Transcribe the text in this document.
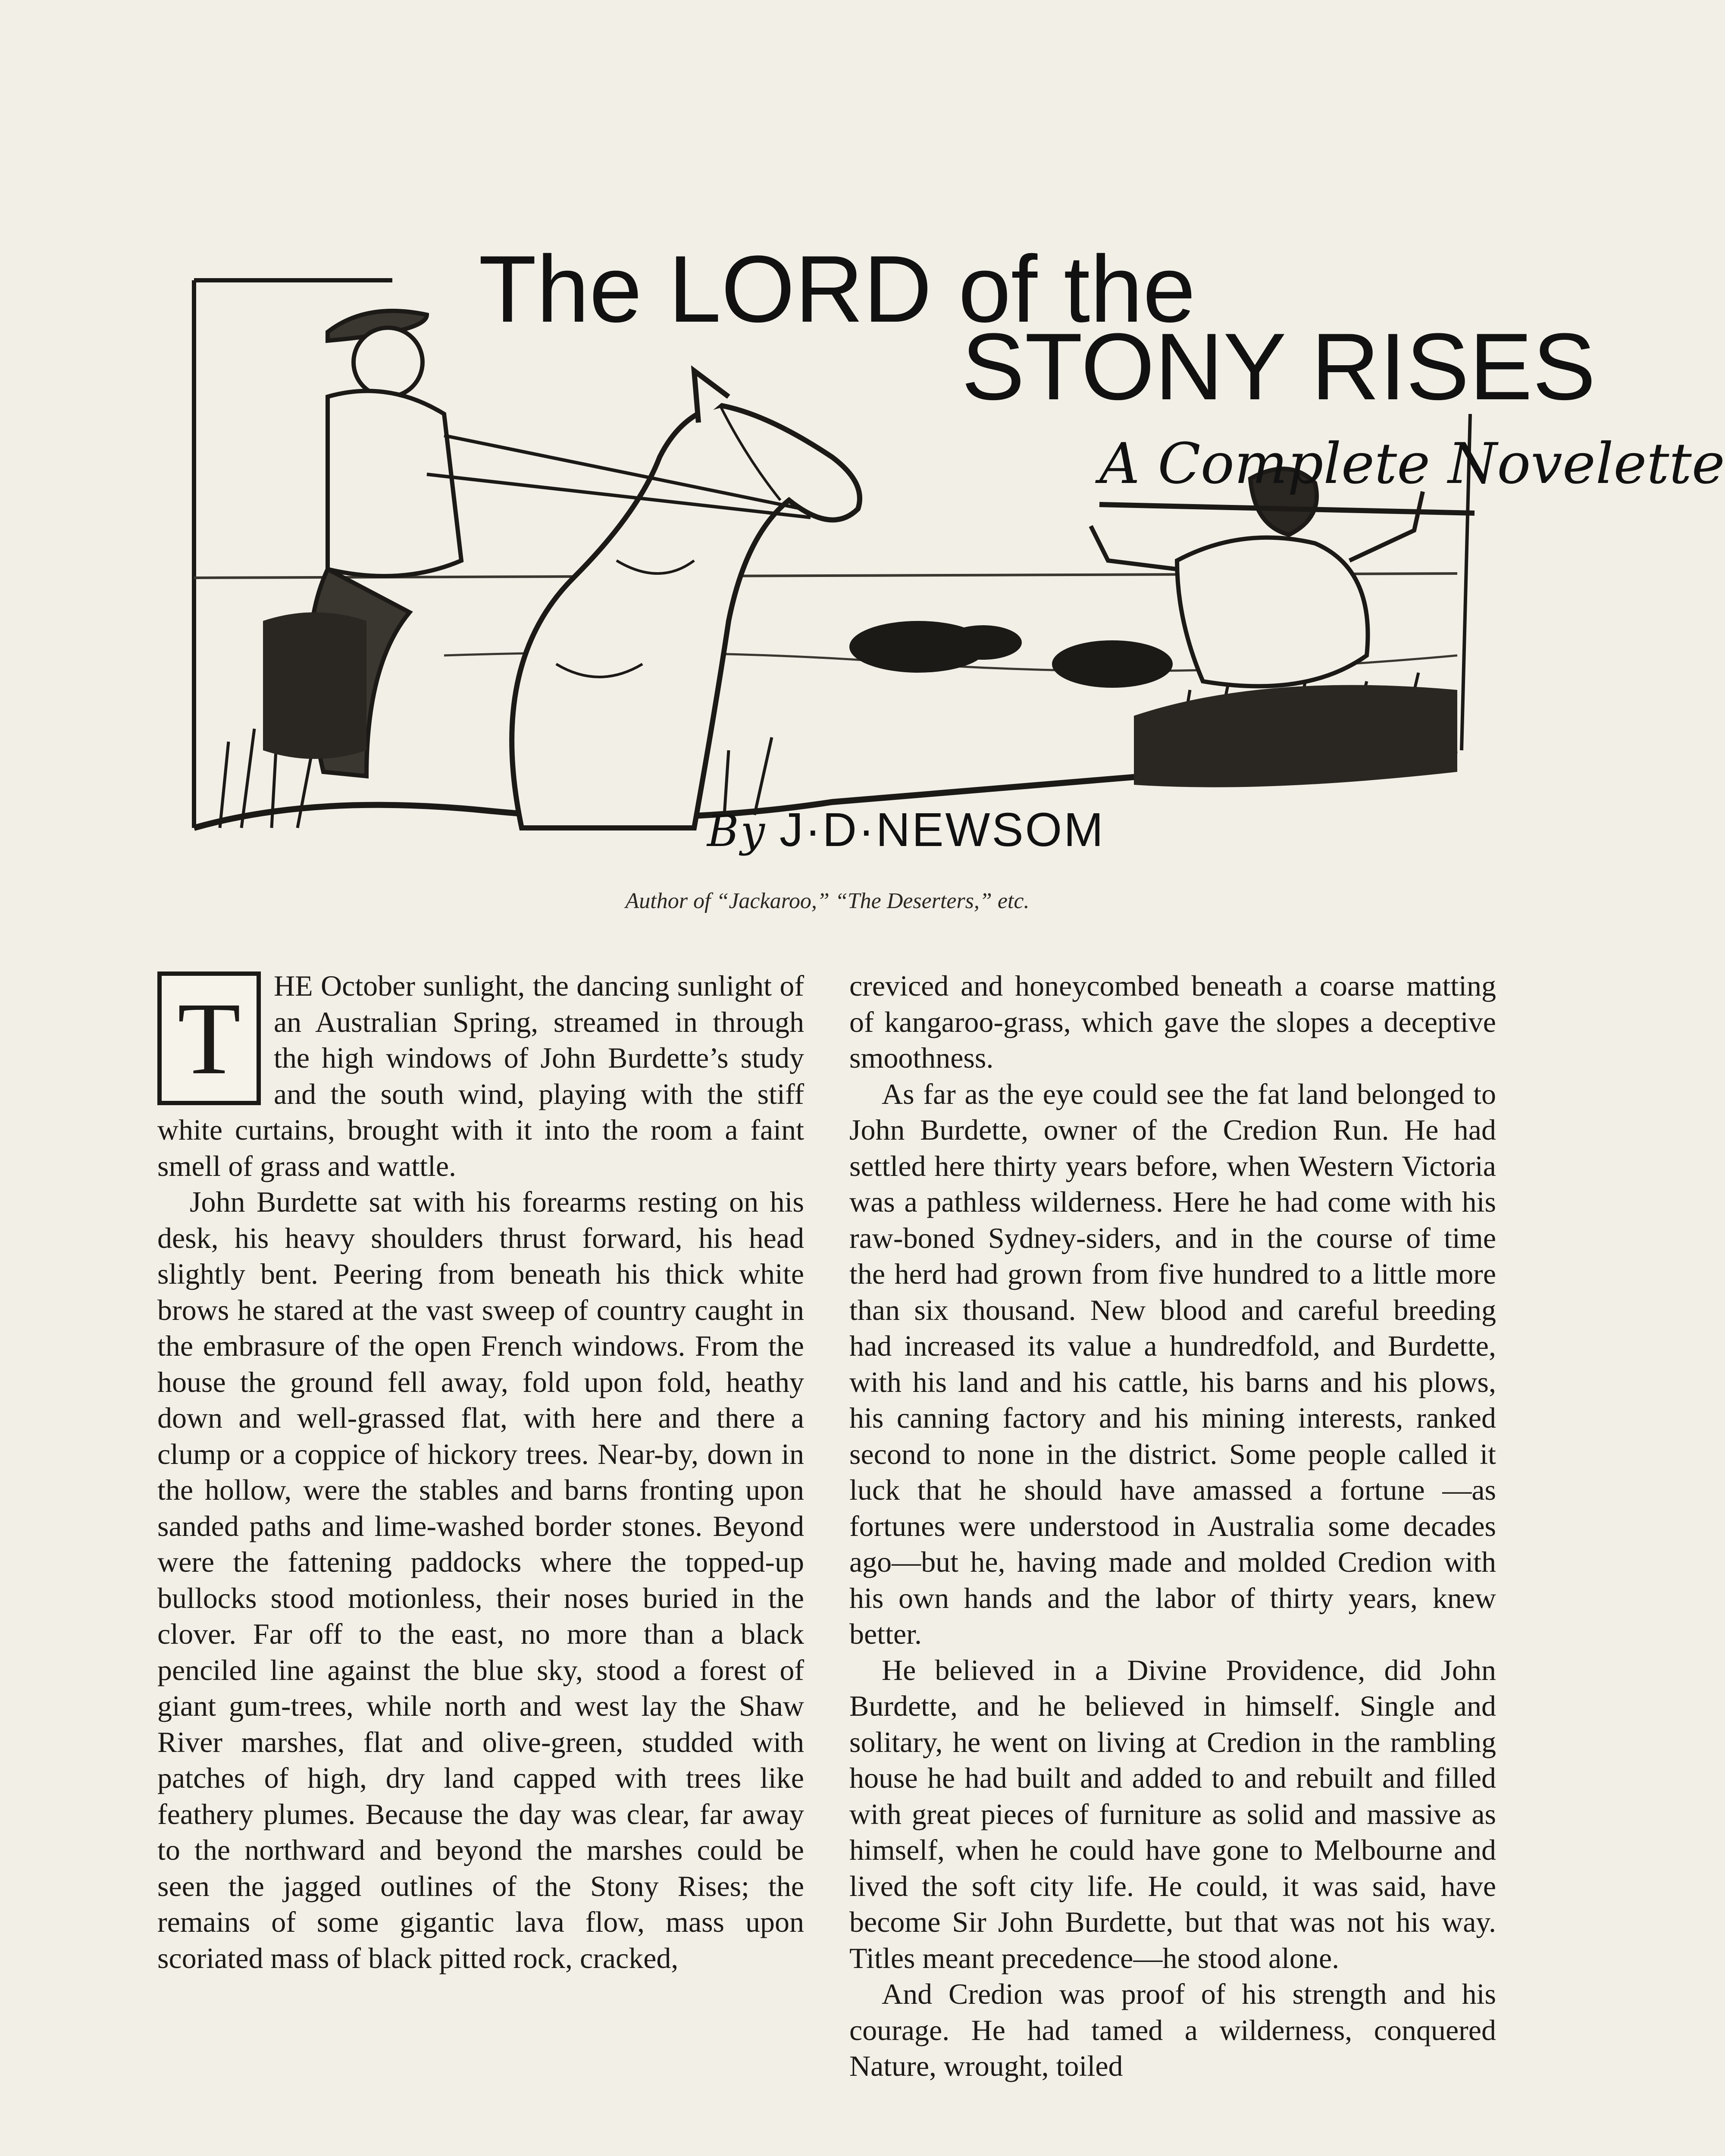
The LORD of the
STONY RISES
A Complete Novelette
By J·D·NEWSOM
Author of “Jackaroo,” “The Deserters,” etc.

T	HE October sunlight, the dancing sunlight of an Australian Spring, streamed in through the high windows of John Burdette’s study and the south wind, playing with the stiff white curtains, brought with it into the room a faint smell of grass and wattle.

John Burdette sat with his forearms resting on his desk, his heavy shoulders thrust forward, his head slightly bent. Peering from beneath his thick white brows he stared at the vast sweep of country caught in the embrasure of the open French windows. From the house the ground fell away, fold upon fold, heathy down and well-grassed flat, with here and there a clump or a coppice of hickory trees. Near-by, down in the hollow, were the stables and barns fronting upon sanded paths and lime-washed border stones. Beyond were the fattening paddocks where the topped-up bullocks stood motionless, their noses buried in the clover. Far off to the east, no more than a black penciled line against the blue sky, stood a forest of giant gum-trees, while north and west lay the Shaw River marshes, flat and olive-green, studded with patches of high, dry land capped with trees like feathery plumes. Because the day was clear, far away to the northward and beyond the marshes could be seen the jagged outlines of the Stony Rises; the remains of some gigantic lava flow, mass upon scoriated mass of black pitted rock, cracked,

creviced and honeycombed beneath a coarse matting of kangaroo-grass, which gave the slopes a deceptive smoothness.

As far as the eye could see the fat land belonged to John Burdette, owner of the Credion Run. He had settled here thirty years before, when Western Victoria was a pathless wilderness. Here he had come with his raw-boned Sydney-siders, and in the course of time the herd had grown from five hundred to a little more than six thousand. New blood and careful breeding had increased its value a hundredfold, and Burdette, with his land and his cattle, his barns and his plows, his canning factory and his mining interests, ranked second to none in the district. Some people called it luck that he should have amassed a fortune —as fortunes were understood in Australia some decades ago—but he, having made and molded Credion with his own hands and the labor of thirty years, knew better.

He believed in a Divine Providence, did John Burdette, and he believed in himself. Single and solitary, he went on living at Credion in the rambling house he had built and added to and rebuilt and filled with great pieces of furniture as solid and massive as himself, when he could have gone to Melbourne and lived the soft city life. He could, it was said, have become Sir John Burdette, but that was not his way. Titles meant precedence—he stood alone.

And Credion was proof of his strength and his courage. He had tamed a wilderness, conquered Nature, wrought, toiled
